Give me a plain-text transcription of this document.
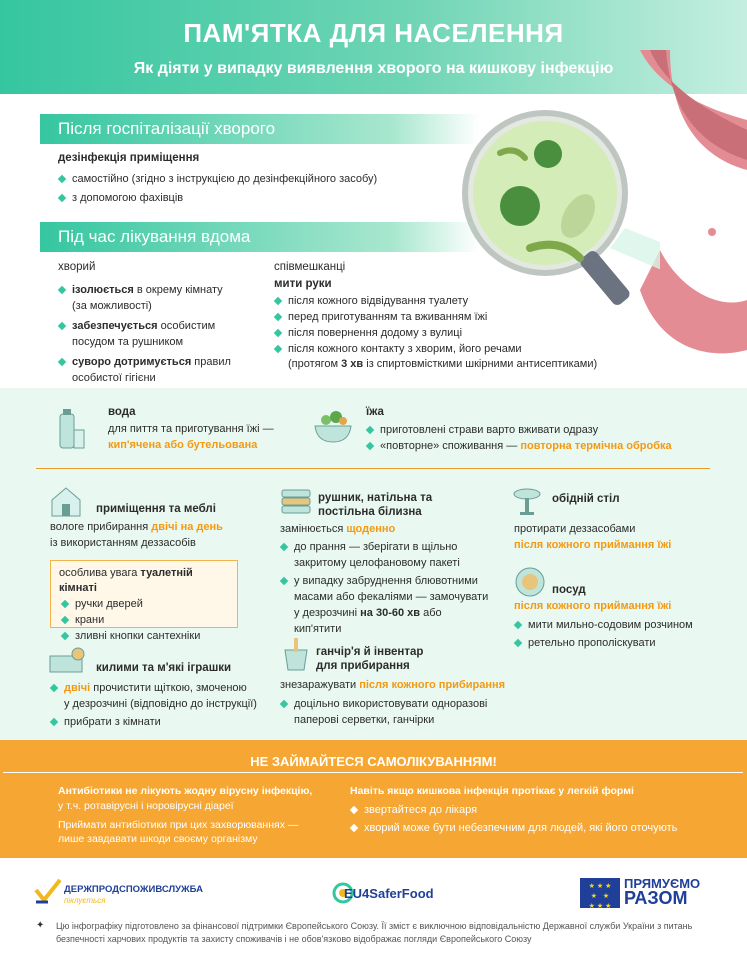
ПАМ'ЯТКА ДЛЯ НАСЕЛЕННЯ
Як діяти у випадку виявлення хворого на кишкову інфекцію
Після госпіталізації хворого
дезінфекція приміщення
самостійно (згідно з інструкцією до дезінфекційного засобу)
з допомогою фахівців
Під час лікування вдома
хворий
ізолюється в окрему кімнату
(за можливості)
забезпечується особистим
посудом та рушником
суворо дотримується правил
особистої гігієни
співмешканці
мити руки
після кожного відвідування туалету
перед приготуванням та вживанням їжі
після повернення додому з вулиці
після кожного контакту з хворим, його речами
(протягом 3 хв із спиртовмісткими шкірними антисептиками)
вода
для пиття та приготування їжі —
кип'ячена або бутельована
їжа
приготовлені страви варто вживати одразу
«повторне» споживання — повторна термічна обробка
приміщення та меблі
вологе прибирання двічі на день
із використанням деззасобів
особлива увага туалетній кімнаті
ручки дверей
крани
зливні кнопки сантехніки
рушник, натільна та
постільна білизна
замінюється щоденно
до прання — зберігати в щільно
закритому целофановому пакеті
у випадку забруднення блювотними
масами або фекаліями — замочувати
у дезрозчині на 30-60 хв або
кип'ятити
обідній стіл
протирати деззасобами
після кожного приймання їжі
посуд
після кожного приймання їжі
мити мильно-содовим розчином
ретельно прополіскувати
килими та м'які іграшки
двічі прочистити щіткою, змоченою
у дезрозчині (відповідно до інструкції)
прибрати з кімнати
ганчір'я й інвентар
для прибирання
знезаражувати після кожного прибирання
доцільно використовувати одноразові
паперові серветки, ганчірки
НЕ ЗАЙМАЙТЕСЯ САМОЛІКУВАННЯМ!
Антибіотики не лікують жодну вірусну інфекцію,
у т.ч. ротавірусні і норовірусні діареї

Приймати антибіотики при цих захворюваннях —
лише завдавати шкоди своєму організму
Навіть якщо кишкова інфекція протікає у легкій формі
звертайтеся до лікаря
хворий може бути небезпечним для людей, які його оточують
ДЕРЖПРОДСПОЖИВСЛУЖБА
піклується	EU4SaferFood	★ ★ ★
★   ★
★ ★ ★
ПРЯМУЄМО
РАЗОМ
✦ Цю інфографіку підготовлено за фінансової підтримки Європейського Союзу. Її зміст є виключною відповідальністю Державної служби України з питань безпечності харчових продуктів та захисту споживачів і не обов'язково відображає погляди Європейського Союзу
